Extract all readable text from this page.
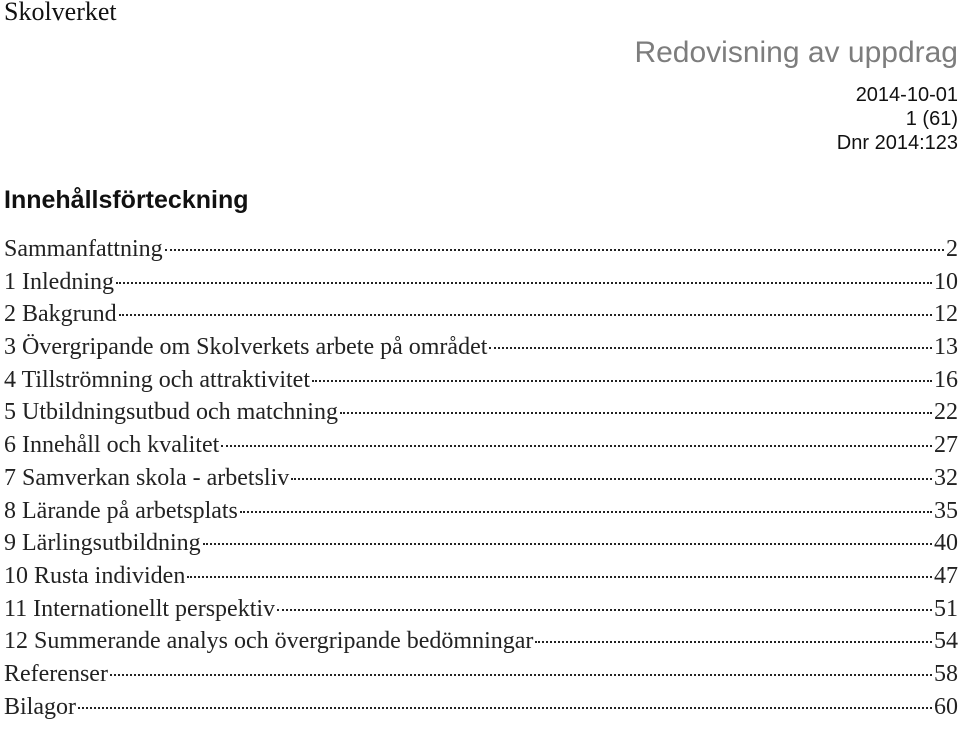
Skolverket
Redovisning av uppdrag
2014-10-01
1 (61)
Dnr 2014:123
Innehållsförteckning
Sammanfattning	2
1 Inledning	10
2 Bakgrund	12
3 Övergripande om Skolverkets arbete på området	13
4 Tillströmning och attraktivitet	16
5 Utbildningsutbud och matchning	22
6 Innehåll och kvalitet	27
7 Samverkan skola - arbetsliv	32
8 Lärande på arbetsplats	35
9 Lärlingsutbildning	40
10 Rusta individen	47
11 Internationellt perspektiv	51
12 Summerande analys och övergripande bedömningar	54
Referenser	58
Bilagor	60
